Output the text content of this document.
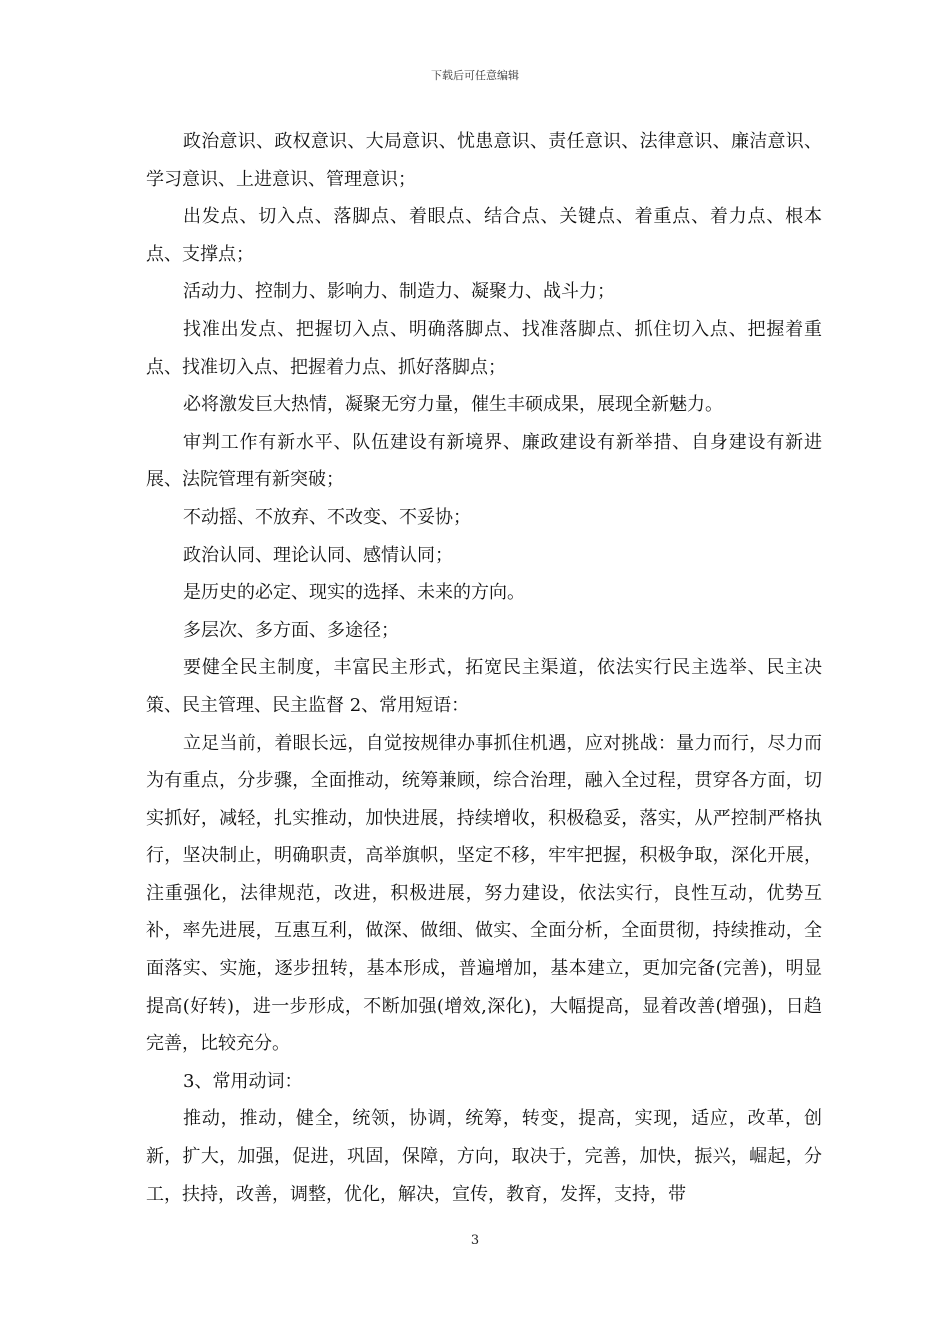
下载后可任意编辑

政治意识、政权意识、大局意识、忧患意识、责任意识、法律意识、廉洁意识、学习意识、上进意识、管理意识；

出发点、切入点、落脚点、着眼点、结合点、关键点、着重点、着力点、根本点、支撑点；

活动力、控制力、影响力、制造力、凝聚力、战斗力；

找准出发点、把握切入点、明确落脚点、找准落脚点、抓住切入点、把握着重点、找准切入点、把握着力点、抓好落脚点；

必将激发巨大热情，凝聚无穷力量，催生丰硕成果，展现全新魅力。

审判工作有新水平、队伍建设有新境界、廉政建设有新举措、自身建设有新进展、法院管理有新突破；

不动摇、不放弃、不改变、不妥协；

政治认同、理论认同、感情认同；

是历史的必定、现实的选择、未来的方向。

多层次、多方面、多途径；

要健全民主制度，丰富民主形式，拓宽民主渠道，依法实行民主选举、民主决策、民主管理、民主监督 2、常用短语：

立足当前，着眼长远，自觉按规律办事抓住机遇，应对挑战：量力而行，尽力而为有重点，分步骤，全面推动，统筹兼顾，综合治理，融入全过程，贯穿各方面，切实抓好，减轻，扎实推动，加快进展，持续增收，积极稳妥，落实，从严控制严格执行，坚决制止，明确职责，高举旗帜，坚定不移，牢牢把握，积极争取，深化开展，注重强化，法律规范，改进，积极进展，努力建设，依法实行，良性互动，优势互补，率先进展，互惠互利，做深、做细、做实、全面分析，全面贯彻，持续推动，全面落实、实施，逐步扭转，基本形成，普遍增加，基本建立，更加完备(完善)，明显提高(好转)，进一步形成，不断加强(增效,深化)，大幅提高，显着改善(增强)，日趋完善，比较充分。

3、常用动词：

推动，推动，健全，统领，协调，统筹，转变，提高，实现，适应，改革，创新，扩大，加强，促进，巩固，保障，方向，取决于，完善，加快，振兴，崛起，分工，扶持，改善，调整，优化，解决，宣传，教育，发挥，支持，带

3
